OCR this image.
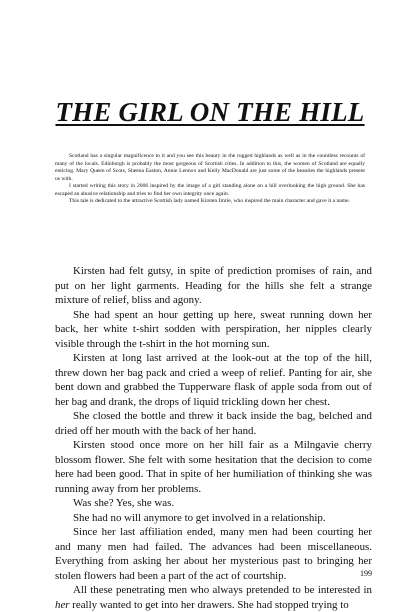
THE GIRL ON THE HILL

Scotland has a singular magnificence to it and you see this beauty in the rugged highlands as well as in the countless recounts of many of the locals. Edinburgh is probably the most gorgeous of Scottish cities. In addition to this, the women of Scotland are equally enticing. Mary Queen of Scots, Sheena Easton, Annie Lennox and Kelly MacDonald are just some of the beauties the highlands present us with.

I started writing this story in 2006 inspired by the image of a girl standing alone on a hill overlooking the high ground. She has escaped an abusive relationship and tries to find her own integrity once again.

This tale is dedicated to the attractive Scottish lady named Kirsten Imrie, who inspired the main character and gave it a name.

Kirsten had felt gutsy, in spite of prediction promises of rain, and put on her light garments. Heading for the hills she felt a strange mixture of relief, bliss and agony.

She had spent an hour getting up here, sweat running down her back, her white t-shirt sodden with perspiration, her nipples clearly visible through the t-shirt in the hot morning sun.

Kirsten at long last arrived at the look-out at the top of the hill, threw down her bag pack and cried a weep of relief. Panting for air, she bent down and grabbed the Tupperware flask of apple soda from out of her bag and drank, the drops of liquid trickling down her chest.

She closed the bottle and threw it back inside the bag, belched and dried off her mouth with the back of her hand.

Kirsten stood once more on her hill fair as a Milngavie cherry blossom flower. She felt with some hesitation that the decision to come here had been good. That in spite of her humiliation of thinking she was running away from her problems.

Was she? Yes, she was.

She had no will anymore to get involved in a relationship.

Since her last affiliation ended, many men had been courting her and many men had failed. The advances had been miscellaneous. Everything from asking her about her mysterious past to bringing her stolen flowers had been a part of the act of courtship.

All these penetrating men who always pretended to be interested in her really wanted to get into her drawers. She had stopped trying to

199
